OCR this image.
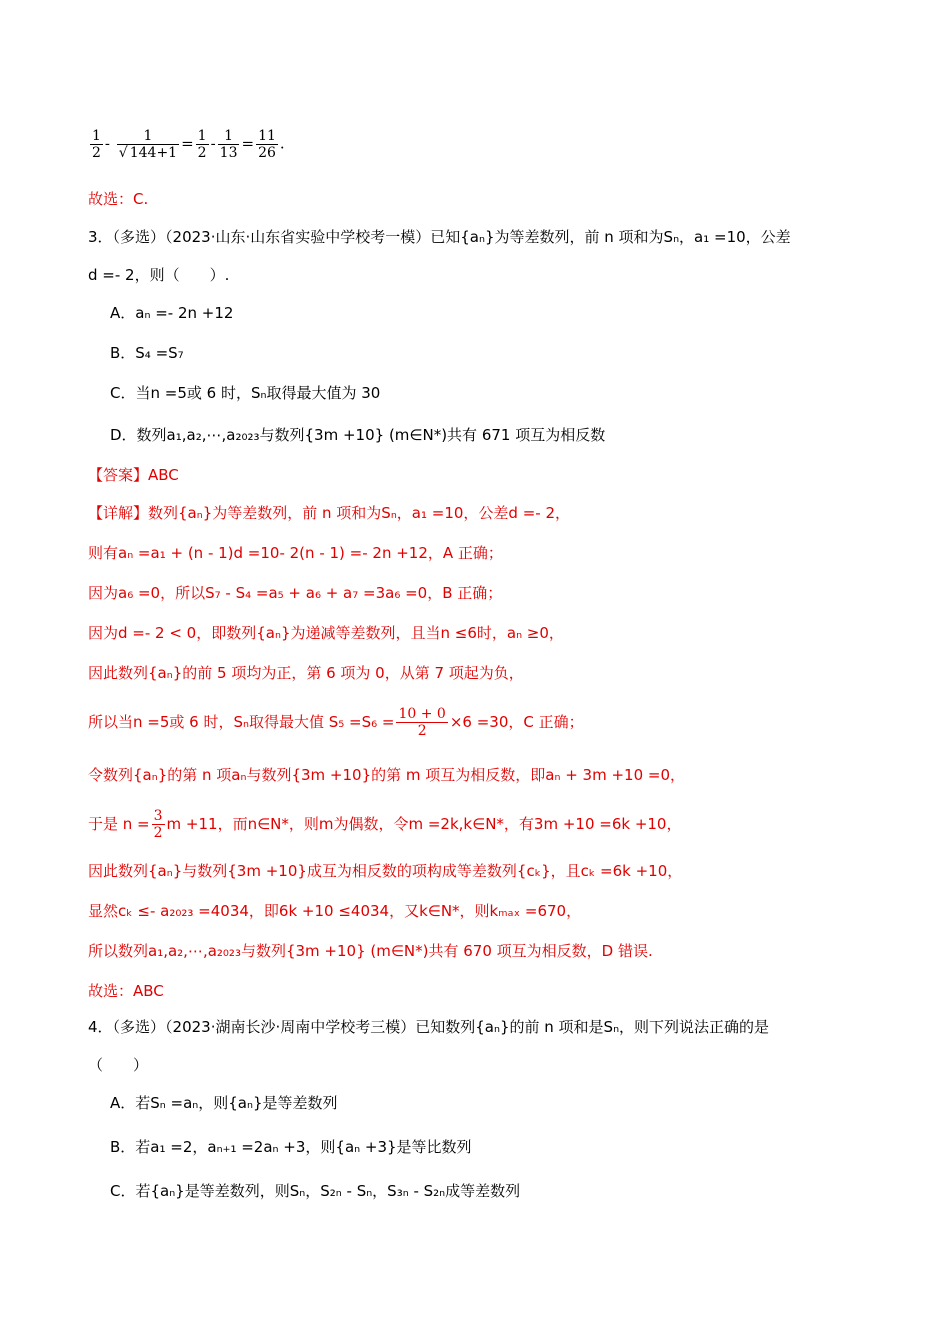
$\frac{1}{2} - \frac{1}{√ 144+1} = \frac{1}{2} - \frac{1}{13} = \frac{11}{26}$ .
故选：C.
3．（多选）（2023·山东·山东省实验中学校考一模）已知{aₙ}为等差数列，前 n 项和为Sₙ，a₁ =10，公差
d =- 2，则（　　）.
A．aₙ =- 2n +12
B．S₄ =S₇
C．当n =5或 6 时，Sₙ取得最大值为 30
D．数列a₁,a₂,⋯,a₂₀₂₃与数列{3m +10} (m∈N*)共有 671 项互为相反数
【答案】ABC
【详解】数列{aₙ}为等差数列，前 n 项和为Sₙ，a₁ =10，公差d =- 2，
则有aₙ =a₁ + (n - 1)d =10- 2(n - 1) =- 2n +12，A 正确；
因为a₆ =0，所以S₇ - S₄ =a₅ + a₆ + a₇ =3a₆ =0，B 正确；
因为d =- 2 < 0，即数列{aₙ}为递减等差数列，且当n ≤6时，aₙ ≥0，
因此数列{aₙ}的前 5 项均为正，第 6 项为 0，从第 7 项起为负，
所以当n =5或 6 时，Sₙ取得最大值 $S_5 =S_6 = \frac{10 + 0}{2} \times 6 =30$，C 正确；
令数列{aₙ}的第 n 项aₙ与数列{3m +10}的第 m 项互为相反数，即aₙ + 3m +10 =0，
于是 $n = \frac{3}{2}$ m +11，而n∈N*，则m为偶数，令m =2k,k∈N*，有3m +10 =6k +10，
因此数列{aₙ}与数列{3m +10}成互为相反数的项构成等差数列{cₖ}，且cₖ =6k +10，
显然cₖ ≤- a₂₀₂₃ =4034，即6k +10 ≤4034，又k∈N*，则kₘₐₓ =670，
所以数列a₁,a₂,⋯,a₂₀₂₃与数列{3m +10} (m∈N*)共有 670 项互为相反数，D 错误.
故选：ABC
4．（多选）（2023·湖南长沙·周南中学校考三模）已知数列{aₙ}的前 n 项和是Sₙ，则下列说法正确的是
（　　）
A．若Sₙ =aₙ，则{aₙ}是等差数列
B．若a₁ =2，aₙ₊₁ =2aₙ +3，则{aₙ +3}是等比数列
C．若{aₙ}是等差数列，则Sₙ，S₂ₙ - Sₙ，S₃ₙ - S₂ₙ成等差数列
